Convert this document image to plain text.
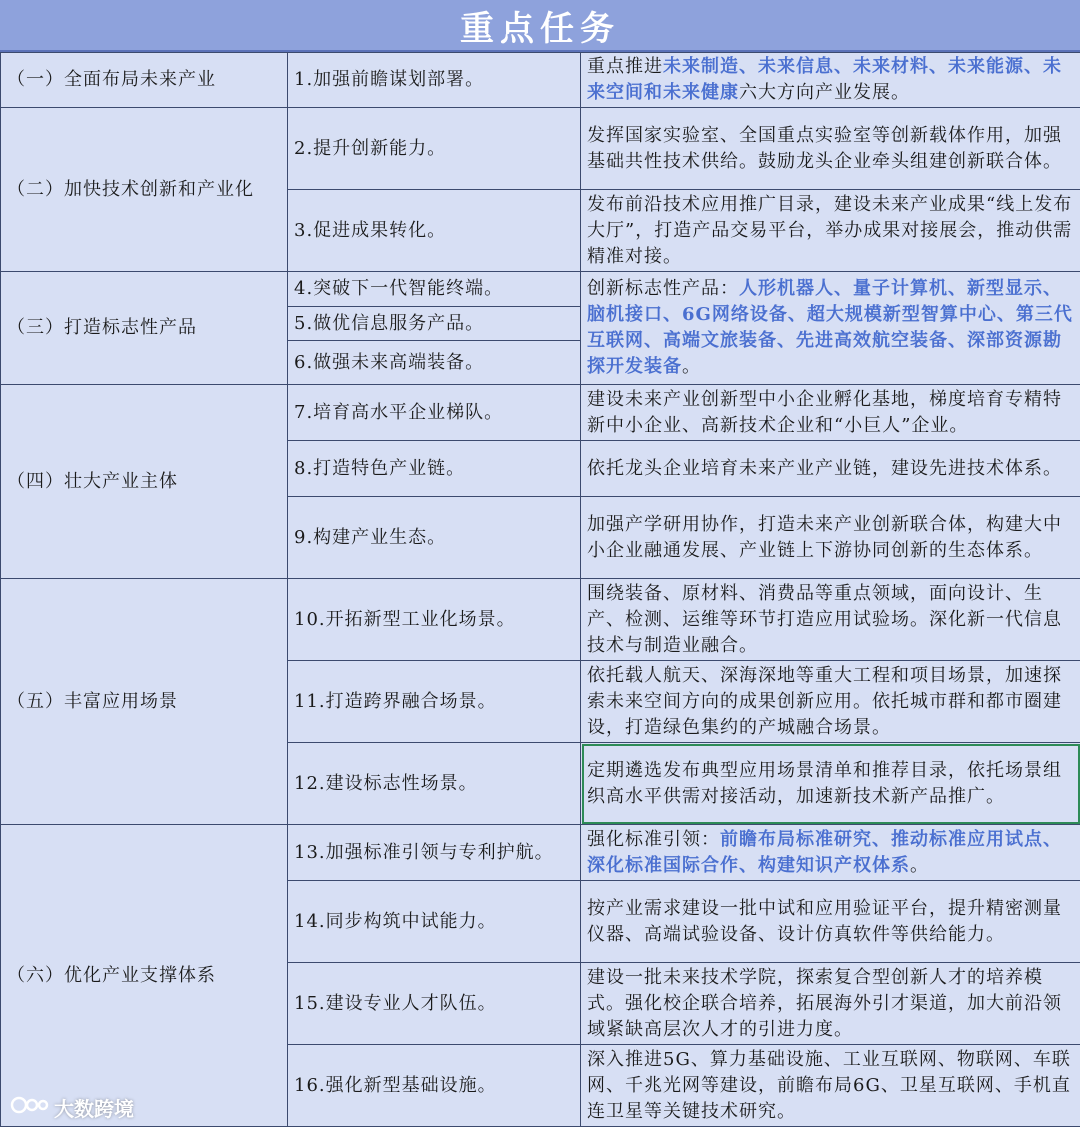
重点任务
（一）全面布局未来产业	1.加强前瞻谋划部署。	重点推进未来制造、未来信息、未来材料、未来能源、未来空间和未来健康六大方向产业发展。
（二）加快技术创新和产业化	2.提升创新能力。	发挥国家实验室、全国重点实验室等创新载体作用，加强基础共性技术供给。鼓励龙头企业牵头组建创新联合体。
	3.促进成果转化。	发布前沿技术应用推广目录，建设未来产业成果“线上发布大厅”，打造产品交易平台，举办成果对接展会，推动供需精准对接。
（三）打造标志性产品	4.突破下一代智能终端。	创新标志性产品：人形机器人、量子计算机、新型显示、脑机接口、6G网络设备、超大规模新型智算中心、第三代互联网、高端文旅装备、先进高效航空装备、深部资源勘探开发装备。
	5.做优信息服务产品。	
	6.做强未来高端装备。	
（四）壮大产业主体	7.培育高水平企业梯队。	建设未来产业创新型中小企业孵化基地，梯度培育专精特新中小企业、高新技术企业和“小巨人”企业。
	8.打造特色产业链。	依托龙头企业培育未来产业产业链，建设先进技术体系。
	9.构建产业生态。	加强产学研用协作，打造未来产业创新联合体，构建大中小企业融通发展、产业链上下游协同创新的生态体系。
（五）丰富应用场景	10.开拓新型工业化场景。	围绕装备、原材料、消费品等重点领域，面向设计、生产、检测、运维等环节打造应用试验场。深化新一代信息技术与制造业融合。
	11.打造跨界融合场景。	依托载人航天、深海深地等重大工程和项目场景，加速探索未来空间方向的成果创新应用。依托城市群和都市圈建设，打造绿色集约的产城融合场景。
	12.建设标志性场景。	定期遴选发布典型应用场景清单和推荐目录，依托场景组织高水平供需对接活动，加速新技术新产品推广。
（六）优化产业支撑体系	13.加强标准引领与专利护航。	强化标准引领：前瞻布局标准研究、推动标准应用试点、深化标准国际合作、构建知识产权体系。
	14.同步构筑中试能力。	按产业需求建设一批中试和应用验证平台，提升精密测量仪器、高端试验设备、设计仿真软件等供给能力。
	15.建设专业人才队伍。	建设一批未来技术学院，探索复合型创新人才的培养模式。强化校企联合培养，拓展海外引才渠道，加大前沿领域紧缺高层次人才的引进力度。
	16.强化新型基础设施。	深入推进5G、算力基础设施、工业互联网、物联网、车联网、千兆光网等建设，前瞻布局6G、卫星互联网、手机直连卫星等关键技术研究。
大数跨境
